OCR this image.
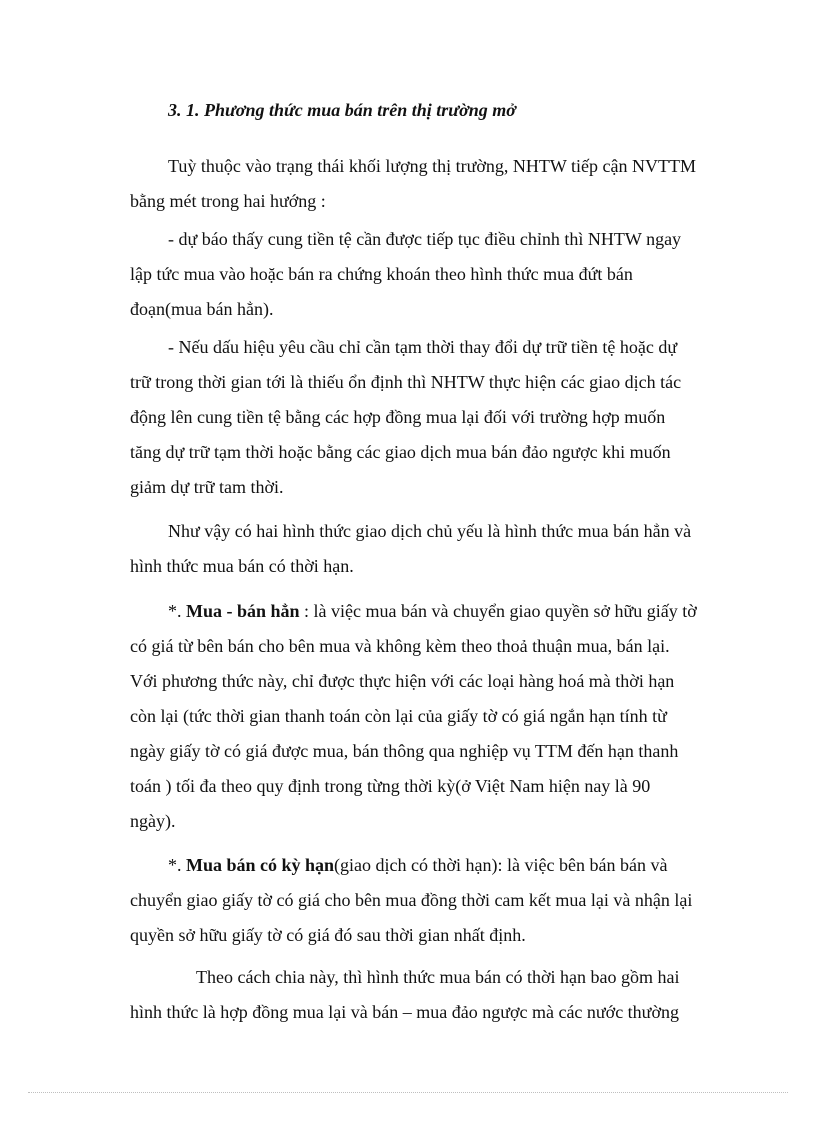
3. 1. Phương thức mua bán trên thị trường mở
Tuỳ thuộc vào trạng thái khối lượng thị trường, NHTW tiếp cận NVTTM
bằng mét trong hai hướng :
- dự báo thấy cung tiền tệ cần được tiếp tục điều chỉnh thì NHTW ngay
lập tức mua vào hoặc bán ra chứng khoán theo hình thức mua đứt bán
đoạn(mua bán hẳn).
- Nếu dấu hiệu yêu cầu chỉ cần tạm thời thay đổi dự trữ tiền tệ hoặc dự
trữ trong thời gian tới là thiếu ổn định thì NHTW thực hiện các giao dịch tác
động lên cung tiền tệ bằng các hợp đồng mua lại đối với trường hợp muốn
tăng dự trữ tạm thời hoặc bằng các giao dịch mua bán đảo ngược khi muốn
giảm dự trữ tam thời.
Như vậy có hai hình thức giao dịch chủ yếu là hình thức mua bán hẳn và
hình thức mua bán có thời hạn.
*. Mua - bán hẳn : là việc mua bán và chuyển giao quyền sở hữu giấy tờ
có giá từ bên bán cho bên mua và không kèm theo thoả thuận mua, bán lại.
Với phương thức này, chỉ được thực hiện với các loại hàng hoá mà thời hạn
còn lại (tức thời gian thanh toán còn lại của giấy tờ có giá ngắn hạn tính từ
ngày giấy tờ có giá được mua, bán thông qua nghiệp vụ TTM đến hạn thanh
toán ) tối đa theo quy định trong từng thời kỳ(ở Việt Nam hiện nay là 90
ngày).
*. Mua bán có kỳ hạn(giao dịch có thời hạn): là việc bên bán bán và
chuyển giao giấy tờ có giá cho bên mua đồng thời cam kết mua lại và nhận lại
quyền sở hữu giấy tờ có giá đó sau thời gian nhất định.
Theo cách chia này, thì hình thức mua bán có thời hạn bao gồm hai
hình thức là hợp đồng mua lại và bán – mua đảo ngược mà các nước thường
